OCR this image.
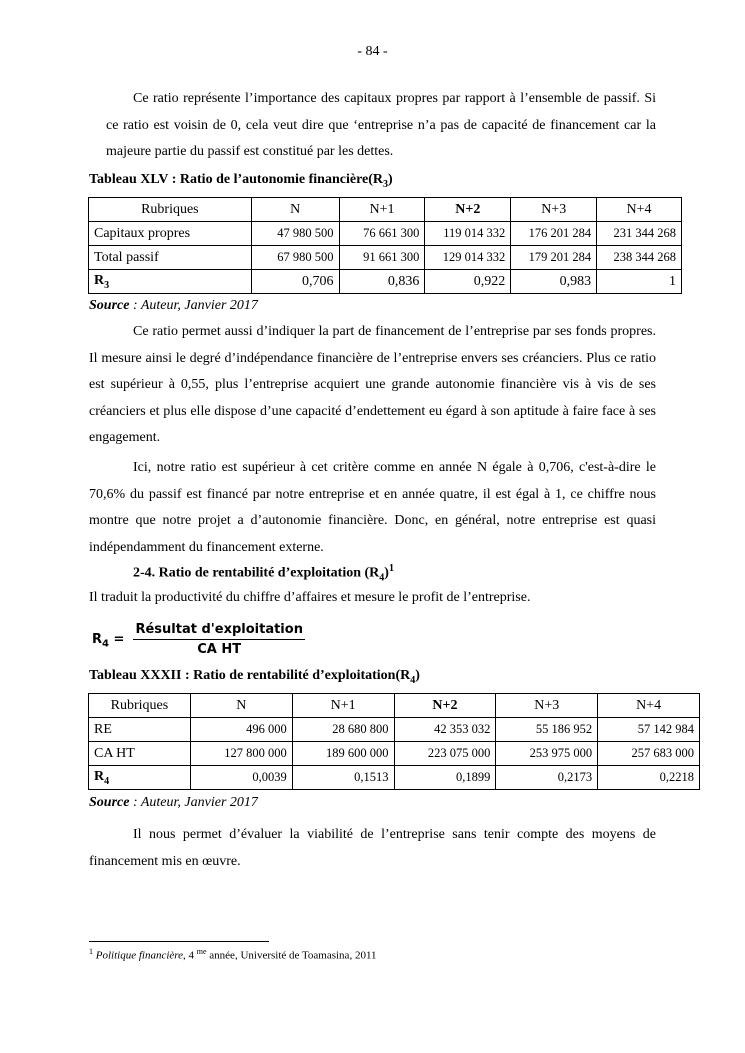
- 84 -
Ce ratio représente l’importance des capitaux propres par rapport à l’ensemble de passif. Si ce ratio est voisin de 0, cela veut dire que ‘entreprise n’a pas de capacité de financement car la majeure partie du passif est constitué par les dettes.
Tableau XLV : Ratio de l’autonomie $financière(R_3)$
Rubriques	N	N+1	N+2	N+3	N+4
Capitaux propres	47 980 500	76 661 300	119 014 332	176 201 284	231 344 268
Total passif	67 980 500	91 661 300	129 014 332	179 201 284	238 344 268
$R_3$	0,706	0,836	0,922	0,983	1
Source : Auteur, Janvier 2017
Ce ratio permet aussi d’indiquer la part de financement de l’entreprise par ses fonds propres. Il mesure ainsi le degré d’indépendance financière de l’entreprise envers ses créanciers. Plus ce ratio est supérieur à 0,55, plus l’entreprise acquiert une grande autonomie financière vis à vis de ses créanciers et plus elle dispose d’une capacité d’endettement eu égard à son aptitude à faire face à ses engagement.
Ici, notre ratio est supérieur à cet critère comme en année N égale à 0,706, c'est-à-dire le 70,6% du passif est financé par notre entreprise et en année quatre, il est égal à 1, ce chiffre nous montre que notre projet a d’autonomie financière. Donc, en général, notre entreprise est quasi indépendamment du financement externe.
2-4. Ratio de rentabilité d’exploitation $(R_4)^1$
Il traduit la productivité du chiffre d’affaires et mesure le profit de l’entreprise.
$R_4 = \frac{\text{Résultat d'exploitation}}{\text{CA HT}}$
Tableau XXXII : Ratio de rentabilité $d’exploitation(R_4)$
Rubriques	N	N+1	N+2	N+3	N+4
RE	496 000	28 680 800	42 353 032	55 186 952	57 142 984
CA HT	127 800 000	189 600 000	223 075 000	253 975 000	257 683 000
$R_4$	0,0039	0,1513	0,1899	0,2173	0,2218
Source : Auteur, Janvier 2017
Il nous permet d’évaluer la viabilité de l’entreprise sans tenir compte des moyens de financement mis en œuvre.
$^1$ Politique financière, 4 $^{me}$ année, Université de Toamasina, 2011
